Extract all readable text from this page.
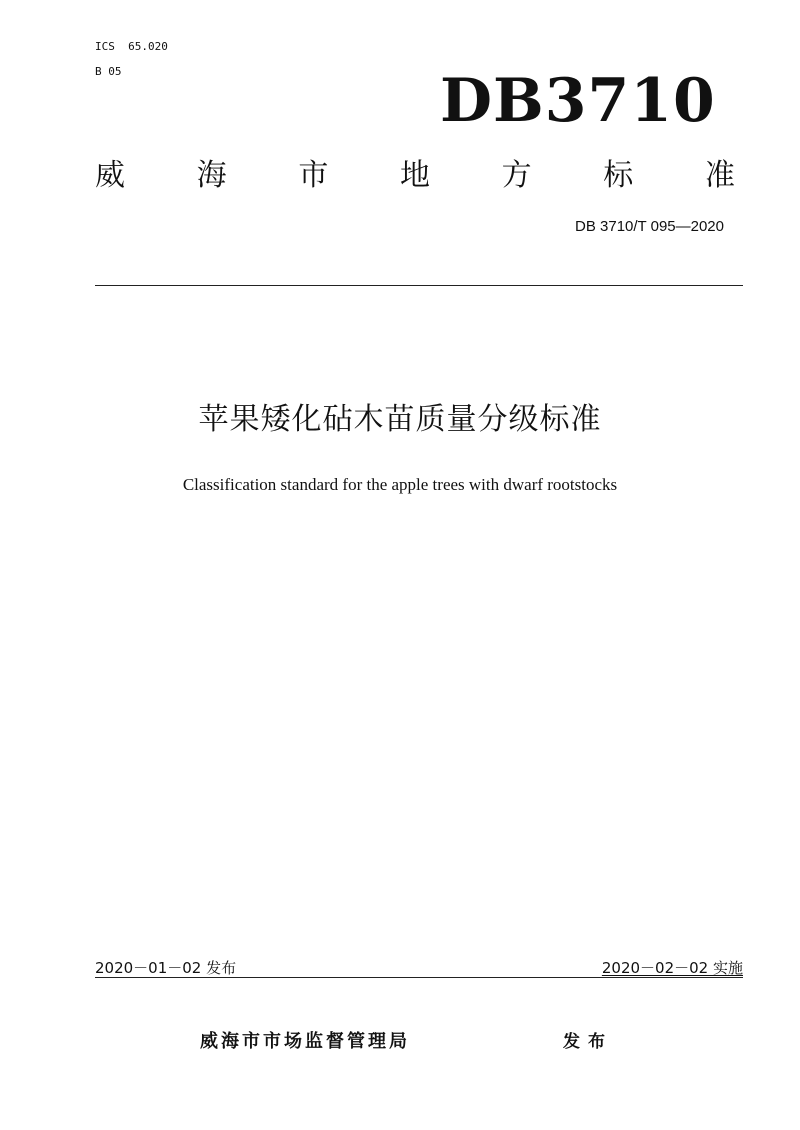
ICS  65.020
B 05	DB3710
威 海 市 地 方 标 准
DB 3710/T 095—2020
苹果矮化砧木苗质量分级标准
Classification standard for the apple trees with dwarf rootstocks
2020－01－02 发布	2020－02－02 实施
威海市市场监督管理局	发布
